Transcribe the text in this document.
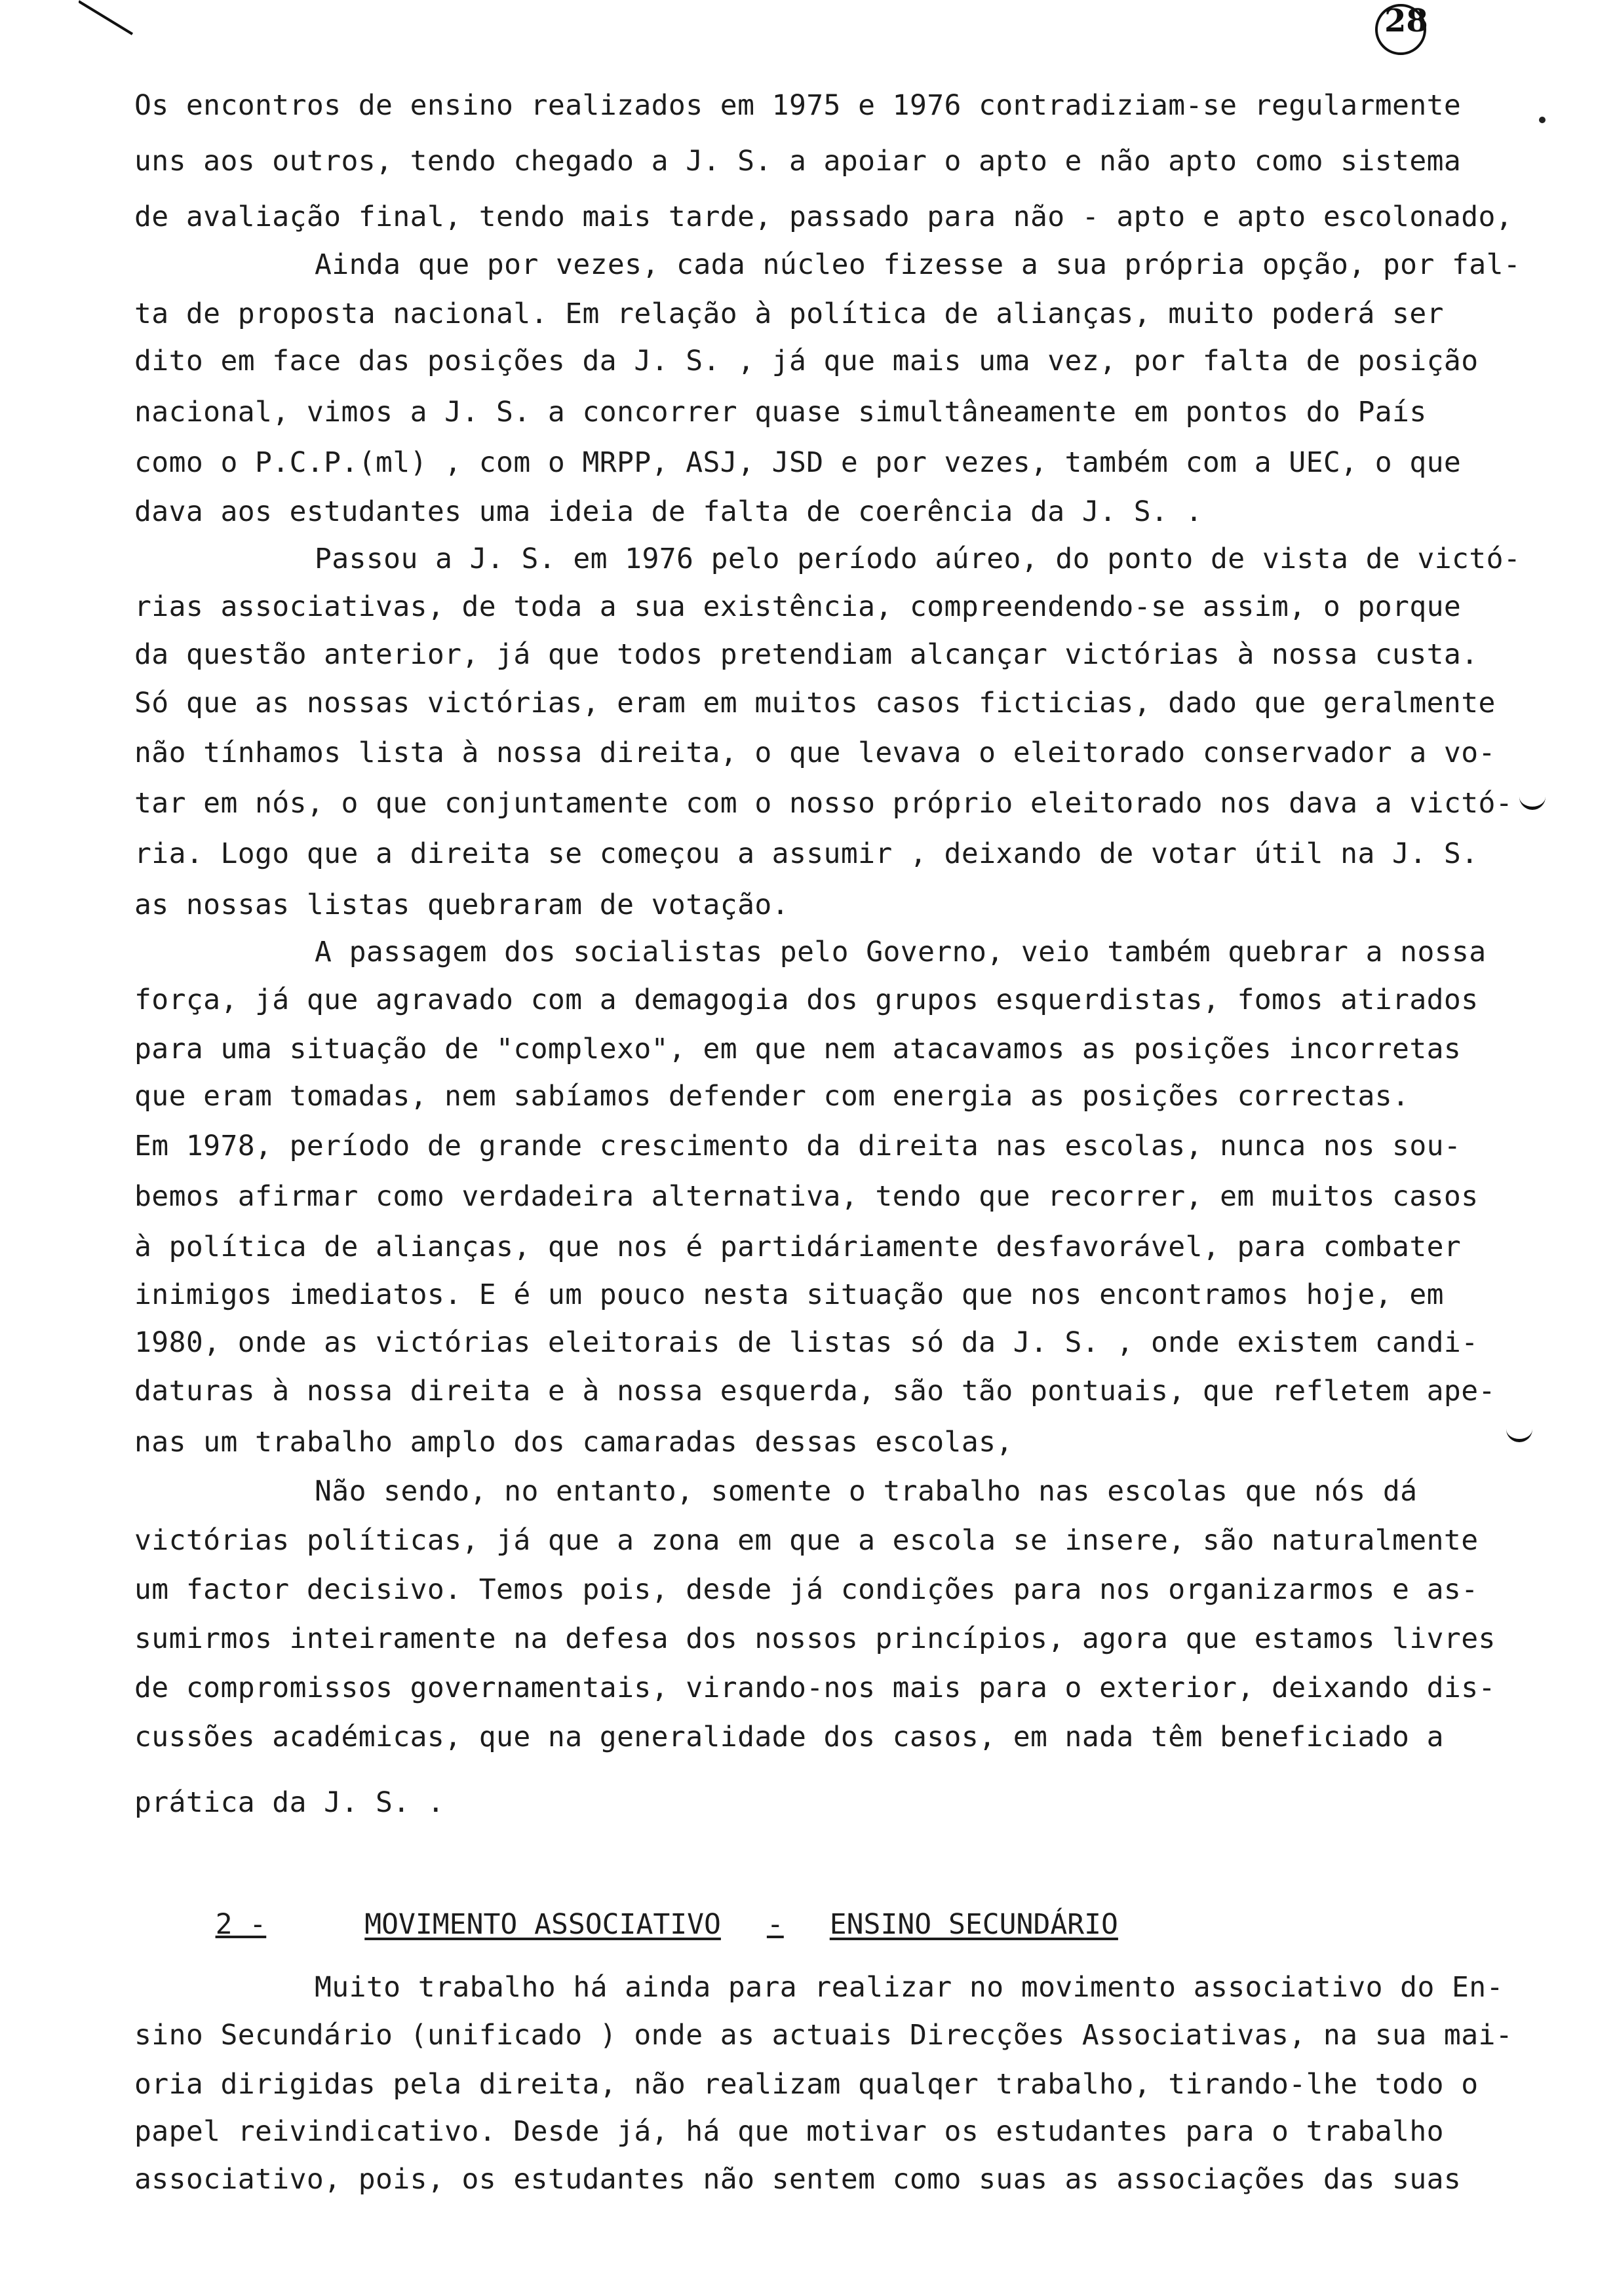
28
Os encontros de ensino realizados em 1975 e 1976 contradiziam-se regularmente
uns aos outros, tendo chegado a J. S. a apoiar o apto e não apto como sistema
de avaliação final, tendo mais tarde, passado para não - apto e apto escolonado,
Ainda que por vezes, cada núcleo fizesse a sua própria opção, por fal-
ta de proposta nacional. Em relação à política de alianças, muito poderá ser
dito em face das posições da J. S. , já que mais uma vez, por falta de posição
nacional, vimos a J. S. a concorrer quase simultâneamente em pontos do País
como o P.C.P.(ml) , com o MRPP, ASJ, JSD e por vezes, também com a UEC, o que
dava aos estudantes uma ideia de falta de coerência da J. S. .
Passou a J. S. em 1976 pelo período aúreo, do ponto de vista de victó-
rias associativas, de toda a sua existência, compreendendo-se assim, o porque
da questão anterior, já que todos pretendiam alcançar victórias à nossa custa.
Só que as nossas victórias, eram em muitos casos ficticias, dado que geralmente
não tínhamos lista à nossa direita, o que levava o eleitorado conservador a vo-
tar em nós, o que conjuntamente com o nosso próprio eleitorado nos dava a victó-
ria. Logo que a direita se começou a assumir , deixando de votar útil na J. S.
as nossas listas quebraram de votação.
A passagem dos socialistas pelo Governo, veio também quebrar a nossa
força, já que agravado com a demagogia dos grupos esquerdistas, fomos atirados
para uma situação de "complexo", em que nem atacavamos as posições incorretas
que eram tomadas, nem sabíamos defender com energia as posições correctas.
Em 1978, período de grande crescimento da direita nas escolas, nunca nos sou-
bemos afirmar como verdadeira alternativa, tendo que recorrer, em muitos casos
à política de alianças, que nos é partidáriamente desfavorável, para combater
inimigos imediatos. E é um pouco nesta situação que nos encontramos hoje, em
1980, onde as victórias eleitorais de listas só da J. S. , onde existem candi-
daturas à nossa direita e à nossa esquerda, são tão pontuais, que refletem ape-
nas um trabalho amplo dos camaradas dessas escolas,
Não sendo, no entanto, somente o trabalho nas escolas que nós dá
victórias políticas, já que a zona em que a escola se insere, são naturalmente
um factor decisivo. Temos pois, desde já condições para nos organizarmos e as-
sumirmos inteiramente na defesa dos nossos princípios, agora que estamos livres
de compromissos governamentais, virando-nos mais para o exterior, deixando dis-
cussões académicas, que na generalidade dos casos, em nada têm beneficiado a
prática da J. S. .

2 -	MOVIMENTO ASSOCIATIVO - ENSINO SECUNDÁRIO

Muito trabalho há ainda para realizar no movimento associativo do En-
sino Secundário (unificado ) onde as actuais Direcções Associativas, na sua mai-
oria dirigidas pela direita, não realizam qualqer trabalho, tirando-lhe todo o
papel reivindicativo. Desde já, há que motivar os estudantes para o trabalho
associativo, pois, os estudantes não sentem como suas as associações das suas
